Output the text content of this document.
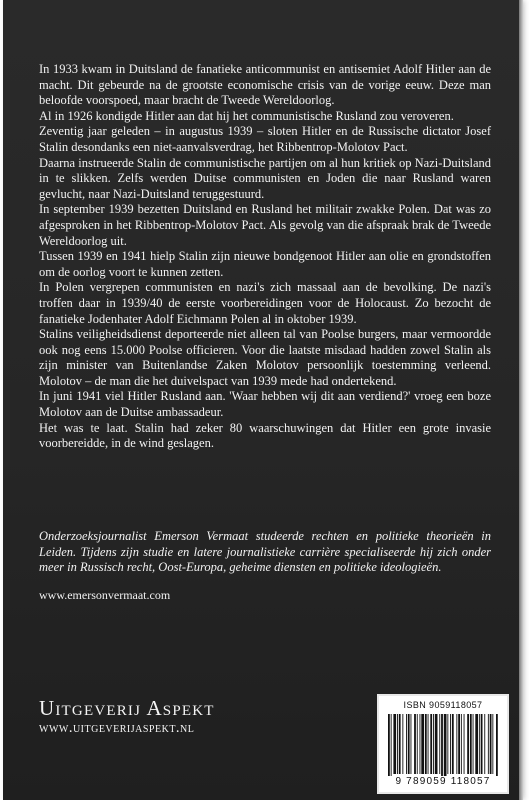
In 1933 kwam in Duitsland de fanatieke anticommunist en antisemiet Adolf Hitler aan de macht. Dit gebeurde na de grootste economische crisis van de vorige eeuw. Deze man beloofde voorspoed, maar bracht de Tweede Wereldoorlog.

Al in 1926 kondigde Hitler aan dat hij het communistische Rusland zou veroveren.

Zeventig jaar geleden – in augustus 1939 – sloten Hitler en de Russische dictator Josef Stalin desondanks een niet-aanvalsverdrag, het Ribbentrop-Molotov Pact.

Daarna instrueerde Stalin de communistische partijen om al hun kritiek op Nazi-Duitsland in te slikken. Zelfs werden Duitse communisten en Joden die naar Rusland waren gevlucht, naar Nazi-Duitsland teruggestuurd.

In september 1939 bezetten Duitsland en Rusland het militair zwakke Polen. Dat was zo afgesproken in het Ribbentrop-Molotov Pact. Als gevolg van die afspraak brak de Tweede Wereldoorlog uit.

Tussen 1939 en 1941 hielp Stalin zijn nieuwe bondgenoot Hitler aan olie en grondstoffen om de oorlog voort te kunnen zetten.

In Polen vergrepen communisten en nazi's zich massaal aan de bevolking. De nazi's troffen daar in 1939/40 de eerste voorbereidingen voor de Holocaust. Zo bezocht de fanatieke Jodenhater Adolf Eichmann Polen al in oktober 1939.

Stalins veiligheidsdienst deporteerde niet alleen tal van Poolse burgers, maar vermoordde ook nog eens 15.000 Poolse officieren. Voor die laatste misdaad hadden zowel Stalin als zijn minister van Buitenlandse Zaken Molotov persoonlijk toestemming verleend. Molotov – de man die het duivelspact van 1939 mede had ondertekend.

In juni 1941 viel Hitler Rusland aan. 'Waar hebben wij dit aan verdiend?' vroeg een boze Molotov aan de Duitse ambassadeur.

Het was te laat. Stalin had zeker 80 waarschuwingen dat Hitler een grote invasie voorbereidde, in de wind geslagen.

Onderzoeksjournalist Emerson Vermaat studeerde rechten en politieke theorieën in Leiden. Tijdens zijn studie en latere journalistieke carrière specialiseerde hij zich onder meer in Russisch recht, Oost-Europa, geheime diensten en politieke ideologieën.
www.emersonvermaat.com
Uitgeverij Aspekt
www.uitgeverijaspekt.nl
ISBN 9059118057
9 789059 118057
